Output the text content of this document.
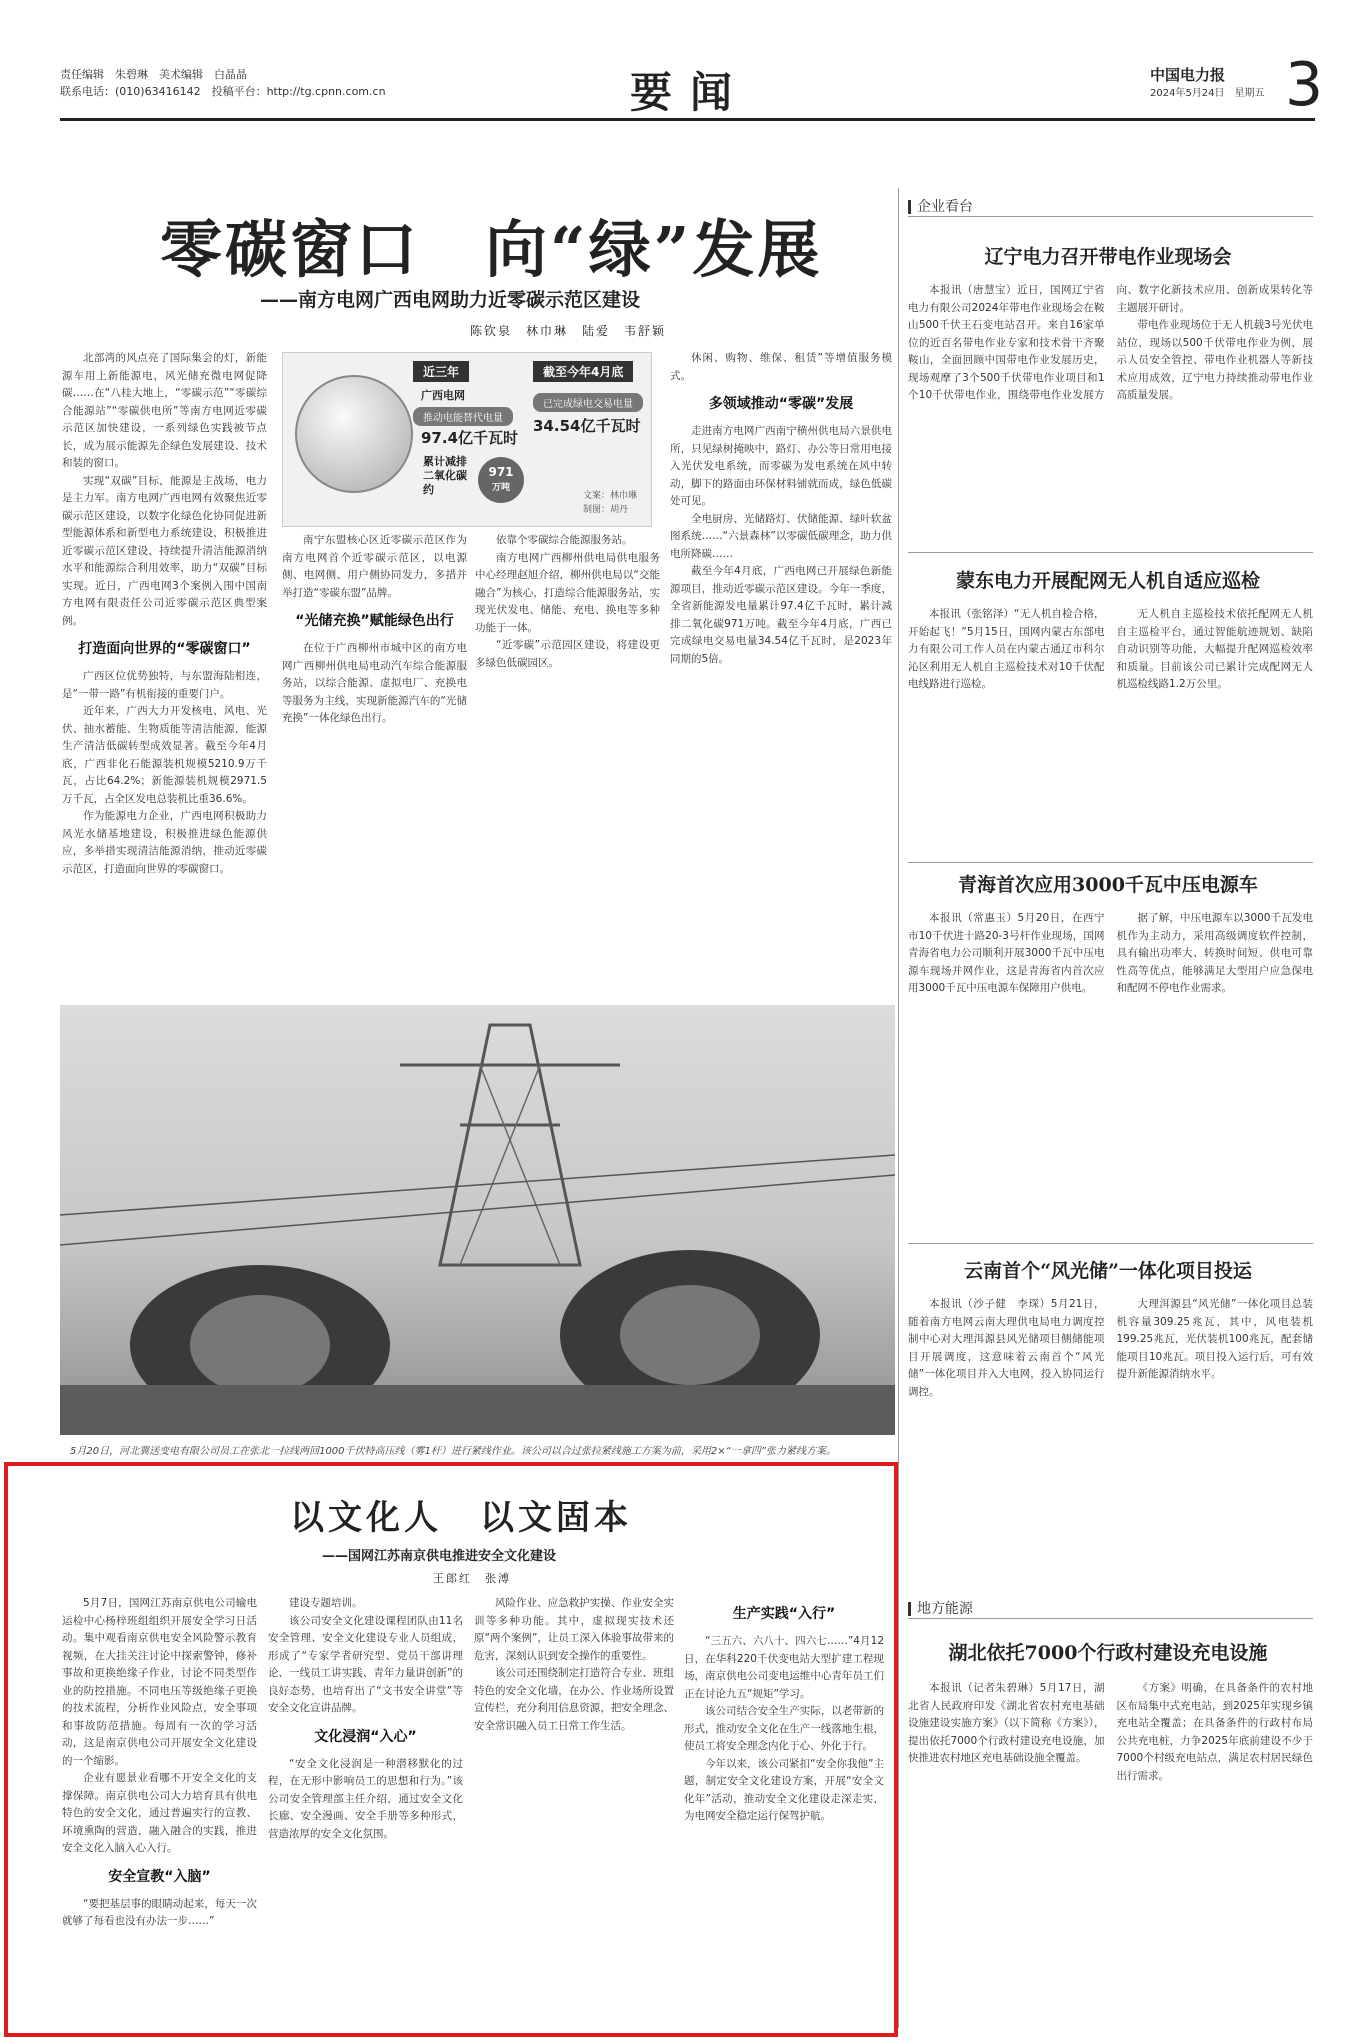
责任编辑　朱碧琳　美术编辑　白晶晶
联系电话：(010)63416142　投稿平台：http://tg.cpnn.com.cn	要闻	中国电力报
2024年5月24日　星期五 3
零碳窗口　向“绿”发展
——南方电网广西电网助力近零碳示范区建设
陈钦泉　林巾琳　陆爱　韦舒颖

北部湾的风点亮了国际集会的灯，新能源车用上新能源电，风光储充微电网促降碳……在“八桂大地上，“零碳示范”“零碳综合能源站”“零碳供电所”等南方电网近零碳示范区加快建设，一系列绿色实践被节点长，成为展示能源先企绿色发展建设、技术和装的窗口。

实现“双碳”目标，能源是主战场，电力是主力军。南方电网广西电网有效聚焦近零碳示范区建设，以数字化绿色化协同促进新型能源体系和新型电力系统建设，积极推进近零碳示范区建设，持续提升清洁能源消纳水平和能源综合利用效率，助力“双碳”目标实现。近日，广西电网3个案例入围中国南方电网有限责任公司近零碳示范区典型案例。

打造面向世界的“零碳窗口”

广西区位优势独特，与东盟海陆相连，是“一带一路”有机衔接的重要门户。

近年来，广西大力开发核电、风电、光伏、抽水蓄能、生物质能等清洁能源，能源生产清洁低碳转型成效显著。截至今年4月底，广西非化石能源装机规模5210.9万千瓦，占比64.2%；新能源装机规模2971.5万千瓦，占全区发电总装机比重36.6%。

作为能源电力企业，广西电网积极助力风光水储基地建设，积极推进绿色能源供应，多举措实现清洁能源消纳，推动近零碳示范区，打造面向世界的零碳窗口。

近三年
广西电网
推动电能替代电量
97.4亿千瓦时
累计减排二氧化碳约
971
万吨
截至今年4月底
已完成绿电交易电量
34.54亿千瓦时
文案：林巾琳
制图：胡丹

南宁东盟核心区近零碳示范区作为南方电网首个近零碳示范区，以电源侧、电网侧、用户侧协同发力，多措并举打造“零碳东盟”品牌。

“光储充换”赋能绿色出行

在位于广西柳州市城中区的南方电网广西柳州供电局电动汽车综合能源服务站，以综合能源、虚拟电厂、充换电等服务为主线，实现新能源汽车的“光储充换”一体化绿色出行。

依靠个零碳综合能源服务站。

南方电网广西柳州供电局供电服务中心经理赵旭介绍，柳州供电局以“交能融合”为核心，打造综合能源服务站，实现光伏发电、储能、充电、换电等多种功能于一体。

“近零碳”示范园区建设，将建设更多绿色低碳园区。

休闲、购物、维保、租赁”等增值服务模式。

多领域推动“零碳”发展

走进南方电网广西南宁横州供电局六景供电所，只见绿树掩映中，路灯、办公等日常用电接入光伏发电系统，而零碳为发电系统在风中转动，脚下的路面由环保材料铺就而成，绿色低碳处可见。

全电厨房、光储路灯、伏储能源、绿叶软盆图系统……“六景森林”以零碳低碳理念，助力供电所降碳……

截至今年4月底，广西电网已开展绿色新能源项目，推动近零碳示范区建设。今年一季度，全省新能源发电量累计97.4亿千瓦时，累计减排二氧化碳971万吨。截至今年4月底，广西已完成绿电交易电量34.54亿千瓦时，是2023年同期的5倍。

5月20日，河北冀送变电有限公司员工在张北一拉线两回1000千伏特高压线（雾1杆）进行紧线作业。该公司以合过张拉紧线施工方案为前，采用2×“一拿四”张力紧线方案。
以文化人　以文固本
——国网江苏南京供电推进安全文化建设
王郎红　张溥

5月7日，国网江苏南京供电公司输电运检中心杨梓班组组织开展安全学习日活动。集中观看南京供电安全风险警示教育视频，在大挂关注讨论中探索警钟，修补事故和更换绝缘子作业，讨论不同类型作业的防控措施。不同电压等级绝缘子更换的技术流程，分析作业风险点，安全事项和事故防范措施。每周有一次的学习活动，这是南京供电公司开展安全文化建设的一个缩影。

企业有愿景业看哪不开安全文化的支撑保障。南京供电公司大力培育具有供电特色的安全文化，通过普遍实行的宣教、环境熏陶的营造，融入融合的实践，推进安全文化入脑入心入行。

安全宣教“入脑”

“要把基层事的眼睛动起来，每天一次就够了每看也没有办法一步……”

建设专题培训。

该公司安全文化建设课程团队由11名安全管理、安全文化建设专业人员组成，形成了“专家学者研究型、党员干部讲理论、一线员工讲实践、青年力量讲创新”的良好态势，也培育出了“文书安全讲堂”等安全文化宣讲品牌。

文化浸润“入心”

“安全文化浸润是一种潜移默化的过程，在无形中影响员工的思想和行为。”该公司安全管理部主任介绍，通过安全文化长廊、安全漫画、安全手册等多种形式，营造浓厚的安全文化氛围。

风险作业、应急救护实操、作业安全实训等多种功能。其中，虚拟现实技术还原“两个案例”，让员工深入体验事故带来的危害，深刻认识到安全操作的重要性。

该公司还围绕制定打造符合专业、班组特色的安全文化墙，在办公、作业场所设置宣传栏，充分利用信息资源，把安全理念、安全常识融入员工日常工作生活。

生产实践“入行”

“三五六、六八十、四六七……”4月12日，在华科220千伏变电站大型扩建工程现场，南京供电公司变电运维中心青年员工们正在讨论九五“规矩”学习。

该公司结合安全生产实际，以老带新的形式，推动安全文化在生产一线落地生根，使员工将安全理念内化于心、外化于行。

今年以来，该公司紧扣“安全你我他”主题，制定安全文化建设方案，开展“安全文化年”活动，推动安全文化建设走深走实，为电网安全稳定运行保驾护航。

企业看台
辽宁电力召开带电作业现场会

本报讯（唐慧宝）近日，国网辽宁省电力有限公司2024年带电作业现场会在鞍山500千伏王石变电站召开。来自16家单位的近百名带电作业专家和技术骨干齐聚鞍山，全面回顾中国带电作业发展历史，现场观摩了3个500千伏带电作业项目和1个10千伏带电作业，围绕带电作业发展方向、数字化新技术应用、创新成果转化等主题展开研讨。

带电作业现场位于无人机载3号光伏电站位，现场以500千伏带电作业为例，展示人员安全管控、带电作业机器人等新技术应用成效，辽宁电力持续推动带电作业高质量发展。

蒙东电力开展配网无人机自适应巡检

本报讯（张铭泽）“无人机自检合格，开始起飞！”5月15日，国网内蒙古东部电力有限公司工作人员在内蒙古通辽市科尔沁区利用无人机自主巡检技术对10千伏配电线路进行巡检。

无人机自主巡检技术依托配网无人机自主巡检平台，通过智能航迹规划、缺陷自动识别等功能，大幅提升配网巡检效率和质量。目前该公司已累计完成配网无人机巡检线路1.2万公里。

青海首次应用3000千瓦中压电源车

本报讯（常惠玉）5月20日，在西宁市10千伏进十路20-3号杆作业现场，国网青海省电力公司顺利开展3000千瓦中压电源车现场并网作业，这是青海省内首次应用3000千瓦中压电源车保障用户供电。

据了解，中压电源车以3000千瓦发电机作为主动力，采用高级调度软件控制，具有输出功率大、转换时间短、供电可靠性高等优点，能够满足大型用户应急保电和配网不停电作业需求。

云南首个“风光储”一体化项目投运

本报讯（沙子健　李琛）5月21日，随着南方电网云南大理供电局电力调度控制中心对大理洱源县风光储项目侧储能项目开展调度，这意味着云南首个“风光储”一体化项目并入大电网，投入协同运行调控。

大理洱源县“风光储”一体化项目总装机容量309.25兆瓦，其中，风电装机199.25兆瓦，光伏装机100兆瓦，配套储能项目10兆瓦。项目投入运行后，可有效提升新能源消纳水平。

地方能源
湖北依托7000个行政村建设充电设施

本报讯（记者朱碧琳）5月17日，湖北省人民政府印发《湖北省农村充电基础设施建设实施方案》（以下简称《方案》），提出依托7000个行政村建设充电设施，加快推进农村地区充电基础设施全覆盖。

《方案》明确，在具备条件的农村地区布局集中式充电站，到2025年实现乡镇充电站全覆盖；在具备条件的行政村布局公共充电桩，力争2025年底前建设不少于7000个村级充电站点，满足农村居民绿色出行需求。
